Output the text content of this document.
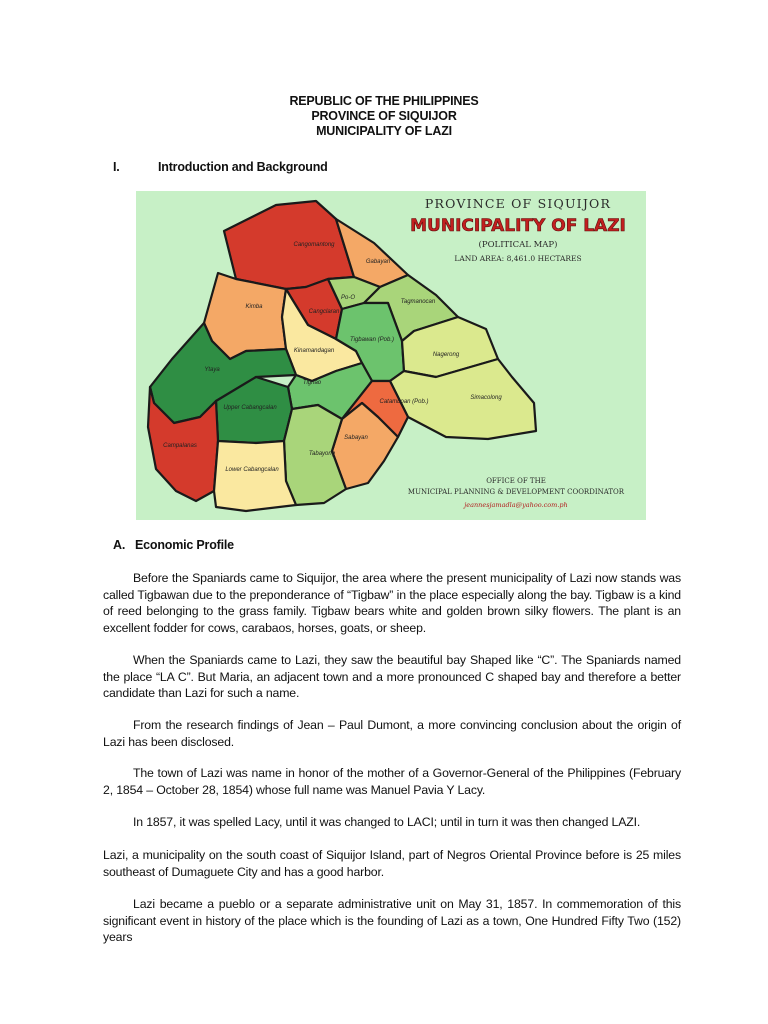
REPUBLIC OF THE PHILIPPINES
PROVINCE OF SIQUIJOR
MUNICIPALITY OF LAZI
I.	Introduction and Background
Cangomantong
Gabayan
Kimba
Po-O
Cangclaran
Tagmanocan
Tigbawan (Pob.)
Kinamandagan
Nagerong
Ytaya
Tignao
Upper Cabangcalan
Catamboan (Pob.)
Simacolong
Campalanas
Sabayan
Tabayong
Lower Cabangcalan
PROVINCE OF SIQUIJOR
MUNICIPALITY OF LAZI
(POLITICAL MAP)
LAND AREA: 8,461.0 HECTARES
OFFICE OF THE
MUNICIPAL PLANNING & DEVELOPMENT COORDINATOR
jeannesjamadla@yahoo.com.ph
A. Economic Profile
Before the Spaniards came to Siquijor, the area where the present municipality of Lazi now stands was called Tigbawan due to the preponderance of “Tigbaw” in the place especially along the bay. Tigbaw is a kind of reed belonging to the grass family. Tigbaw bears white and golden brown silky flowers. The plant is an excellent fodder for cows, carabaos, horses, goats, or sheep.
When the Spaniards came to Lazi, they saw the beautiful bay Shaped like “C”. The Spaniards named the place “LA C”. But Maria, an adjacent town and a more pronounced C shaped bay and therefore a better candidate than Lazi for such a name.
From the research findings of Jean – Paul Dumont, a more convincing conclusion about the origin of Lazi has been disclosed.
The town of Lazi was name in honor of the mother of a Governor-General of the Philippines (February 2, 1854 – October 28, 1854) whose full name was Manuel Pavia Y Lacy.
In 1857, it was spelled Lacy, until it was changed to LACI; until in turn it was then changed LAZI.
Lazi, a municipality on the south coast of Siquijor Island, part of Negros Oriental Province before is 25 miles southeast of Dumaguete City and has a good harbor.
Lazi became a pueblo or a separate administrative unit on May 31, 1857. In commemoration of this significant event in history of the place which is the founding of Lazi as a town, One Hundred Fifty Two (152) years
